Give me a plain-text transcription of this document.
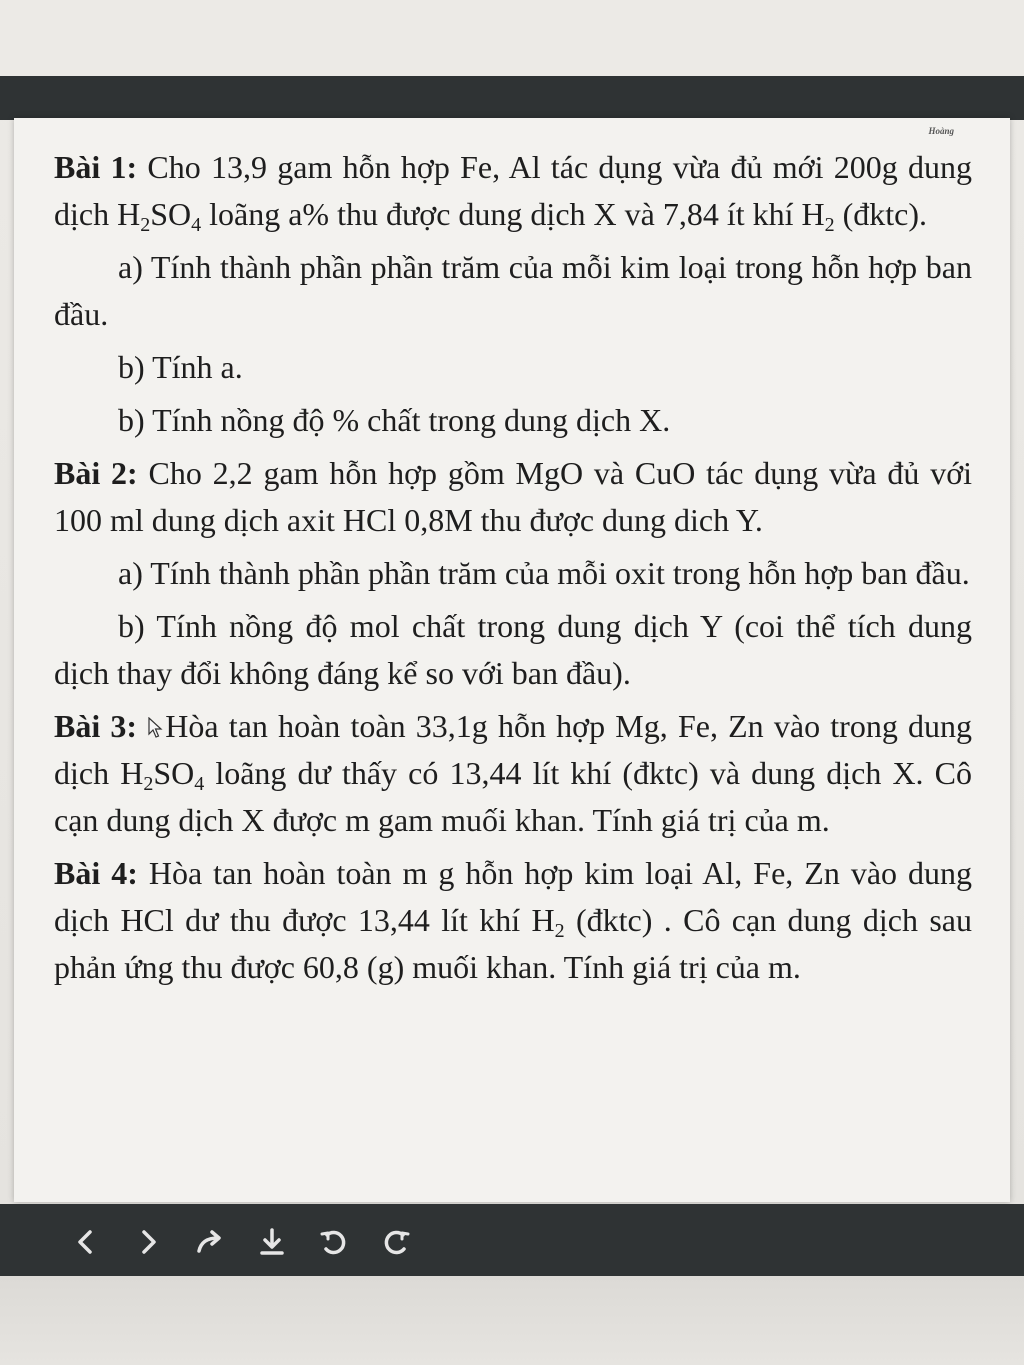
Hoàng

Bài 1: Cho 13,9 gam hỗn hợp Fe, Al tác dụng vừa đủ mới 200g dung dịch $H_2SO_4$ loãng a% thu được dung dịch X và 7,84 ít khí $H_2$ (đktc).

a) Tính thành phần phần trăm của mỗi kim loại trong hỗn hợp ban đầu.

b) Tính a.

b) Tính nồng độ % chất trong dung dịch X.

Bài 2: Cho 2,2 gam hỗn hợp gồm MgO và CuO tác dụng vừa đủ với 100 ml dung dịch axit HCl 0,8M thu được dung dich Y.

a) Tính thành phần phần trăm của mỗi oxit trong hỗn hợp ban đầu.

b) Tính nồng độ mol chất trong dung dịch Y (coi thể tích dung dịch thay đổi không đáng kể so với ban đầu).

Bài 3: Hòa tan hoàn toàn 33,1g hỗn hợp Mg, Fe, Zn vào trong dung dịch $H_2SO_4$ loãng dư thấy có 13,44 lít khí (đktc) và dung dịch X. Cô cạn dung dịch X được m gam muối khan. Tính giá trị của m.

Bài 4: Hòa tan hoàn toàn m g hỗn hợp kim loại Al, Fe, Zn vào dung dịch HCl dư thu được 13,44 lít khí $H_2$ (đktc) . Cô cạn dung dịch sau phản ứng thu được 60,8 (g) muối khan. Tính giá trị của m.
